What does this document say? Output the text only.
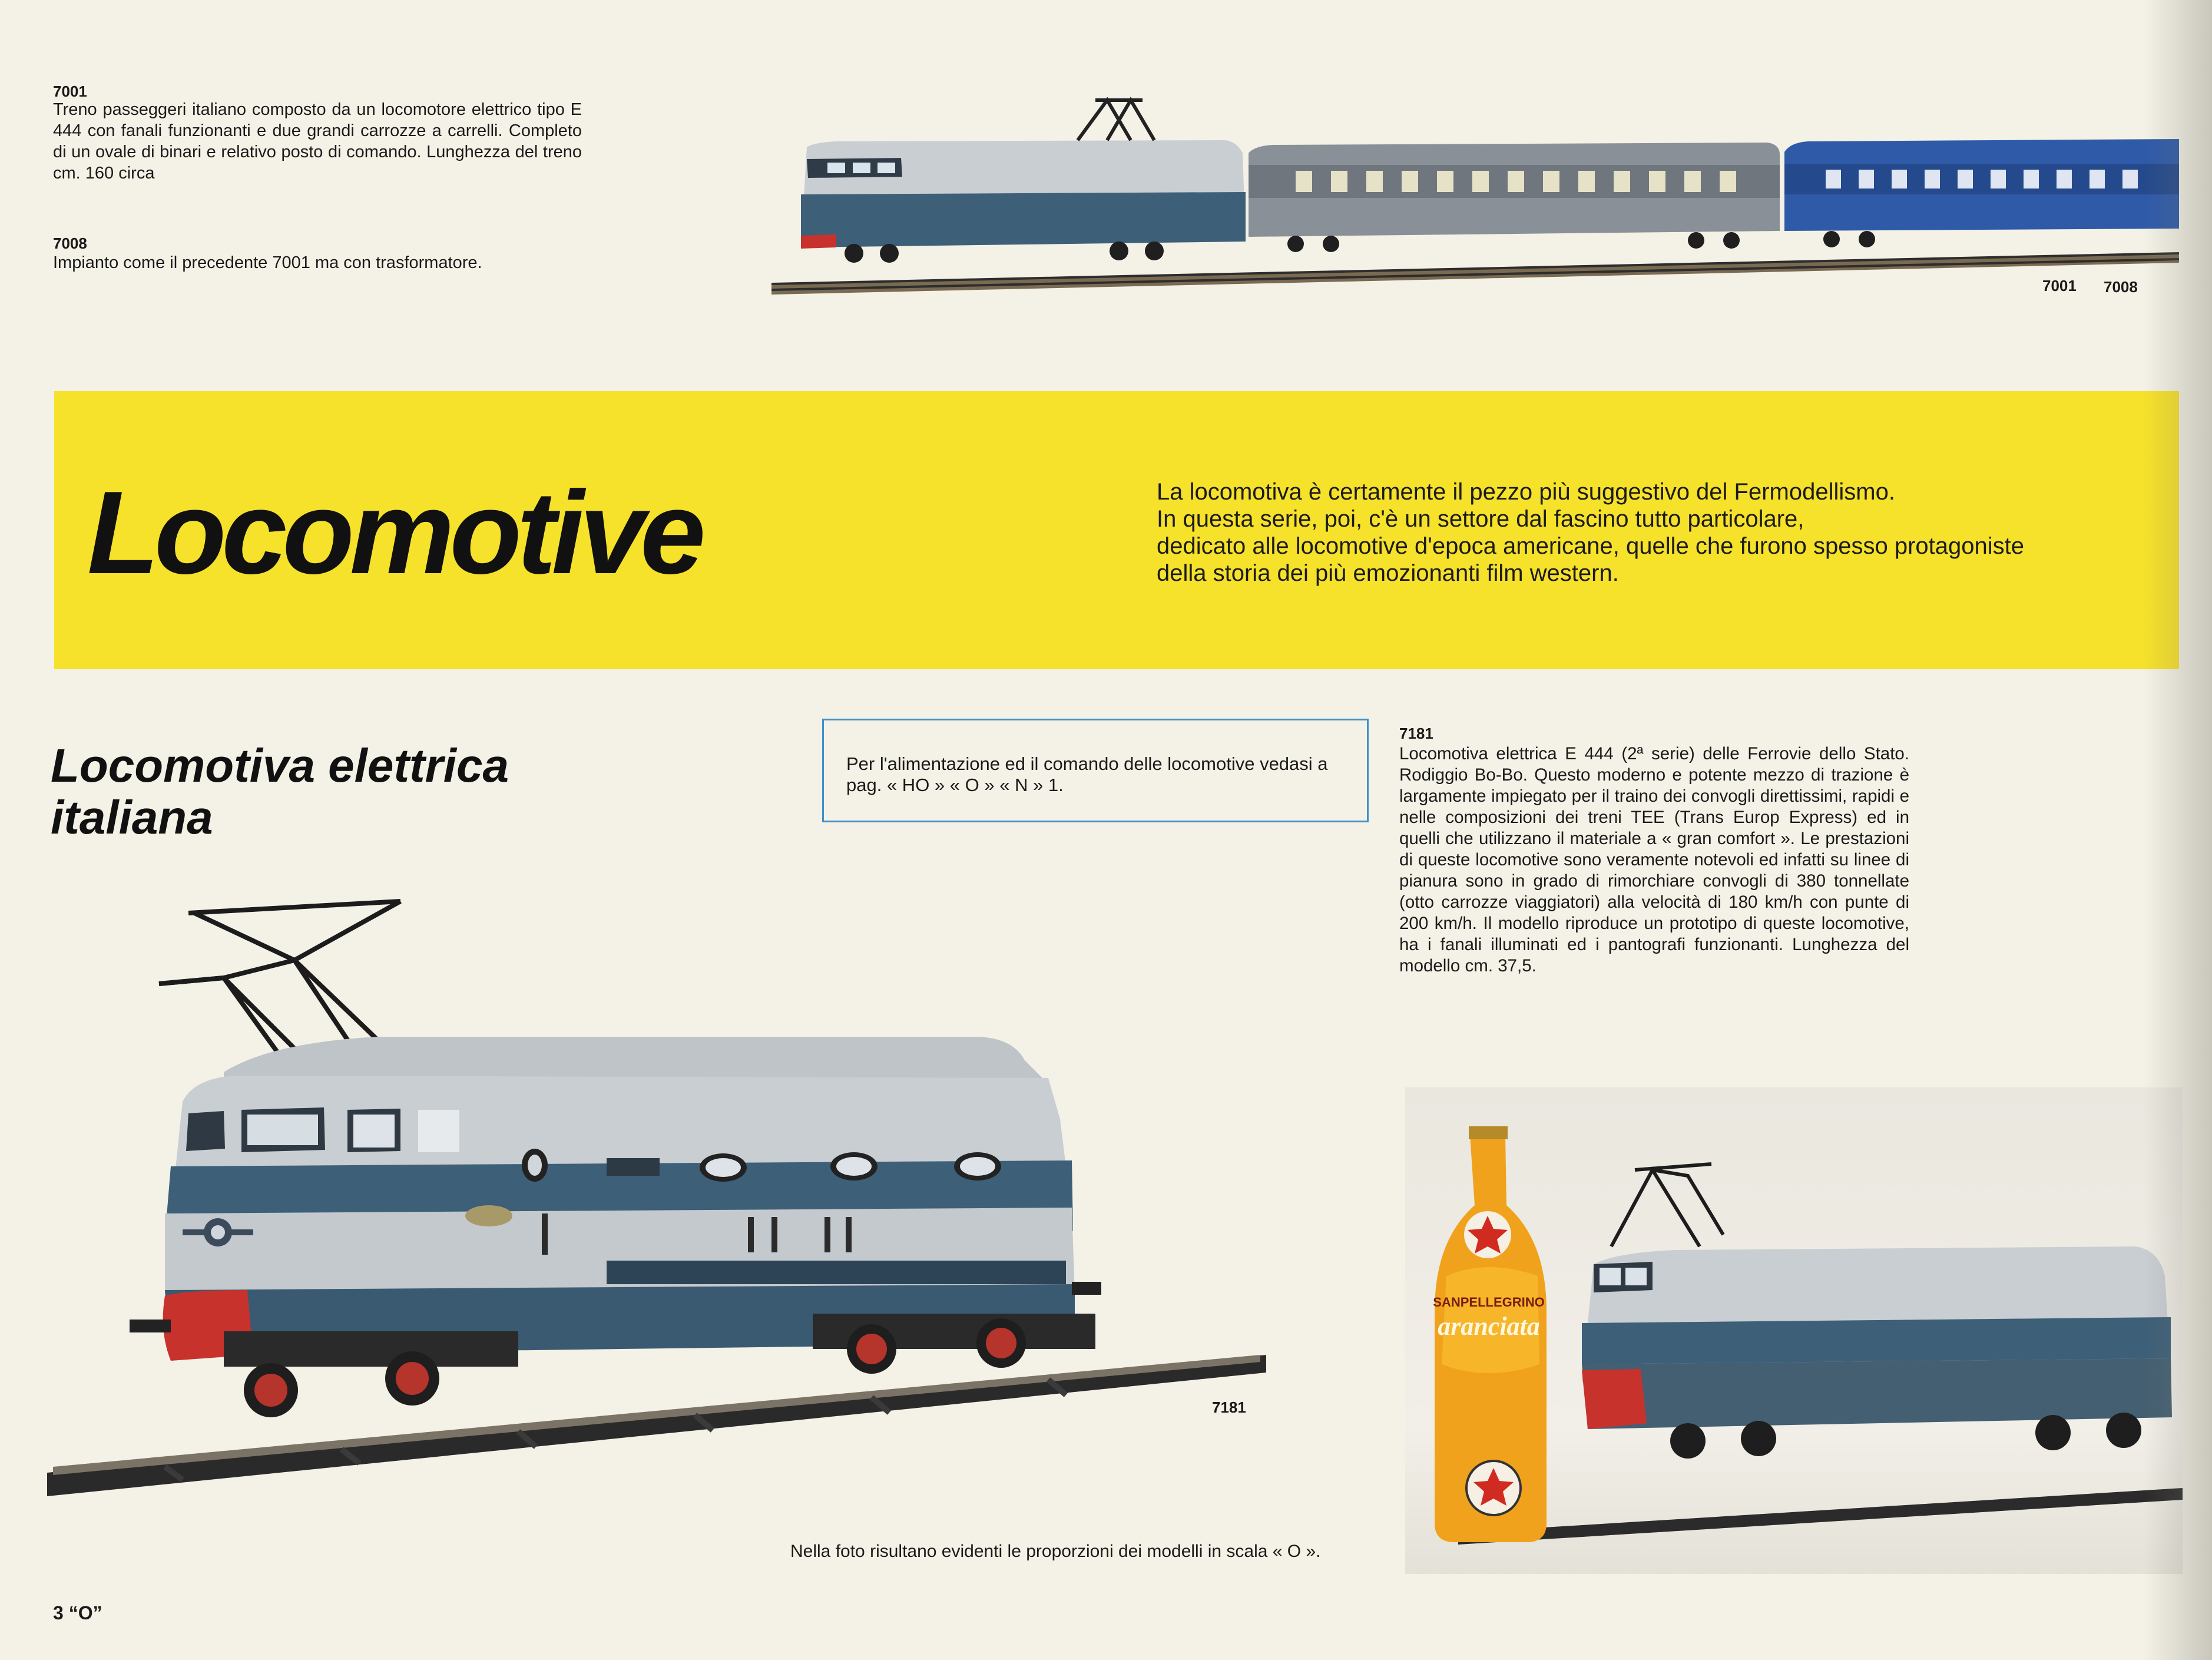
7001
Treno passeggeri italiano composto da un locomotore elettrico tipo E 444 con fanali funzionanti e due grandi carrozze a carrelli. Completo di un ovale di binari e relativo posto di comando. Lunghezza del treno cm. 160 circa
7008
Impianto come il precedente 7001 ma con trasformatore.
7001 7008
Locomotive	La locomotiva è certamente il pezzo più suggestivo del Fermodellismo.
In questa serie, poi, c'è un settore dal fascino tutto particolare,
dedicato alle locomotive d'epoca americane, quelle che furono spesso protagoniste
della storia dei più emozionanti film western.
Locomotiva elettrica
italiana
Per l'alimentazione ed il comando delle locomotive vedasi a pag. « HO » « O » « N » 1.
7181
Locomotiva elettrica E 444 (2ª serie) delle Ferrovie dello Stato. Rodiggio Bo-Bo. Questo moderno e potente mezzo di trazione è largamente impiegato per il traino dei convogli direttissimi, rapidi e nelle composizioni dei treni TEE (Trans Europ Express) ed in quelli che utilizzano il materiale a « gran comfort ». Le prestazioni di queste locomotive sono veramente notevoli ed infatti su linee di pianura sono in grado di rimorchiare convogli di 380 tonnellate (otto carrozze viaggiatori) alla velocità di 180 km/h con punte di 200 km/h. Il modello riproduce un prototipo di queste locomotive, ha i fanali illuminati ed i pantografi funzionanti. Lunghezza del modello cm. 37,5.
7181
SANPELLEGRINO
aranciata
Nella foto risultano evidenti le proporzioni dei modelli in scala « O ».
3 “O”
